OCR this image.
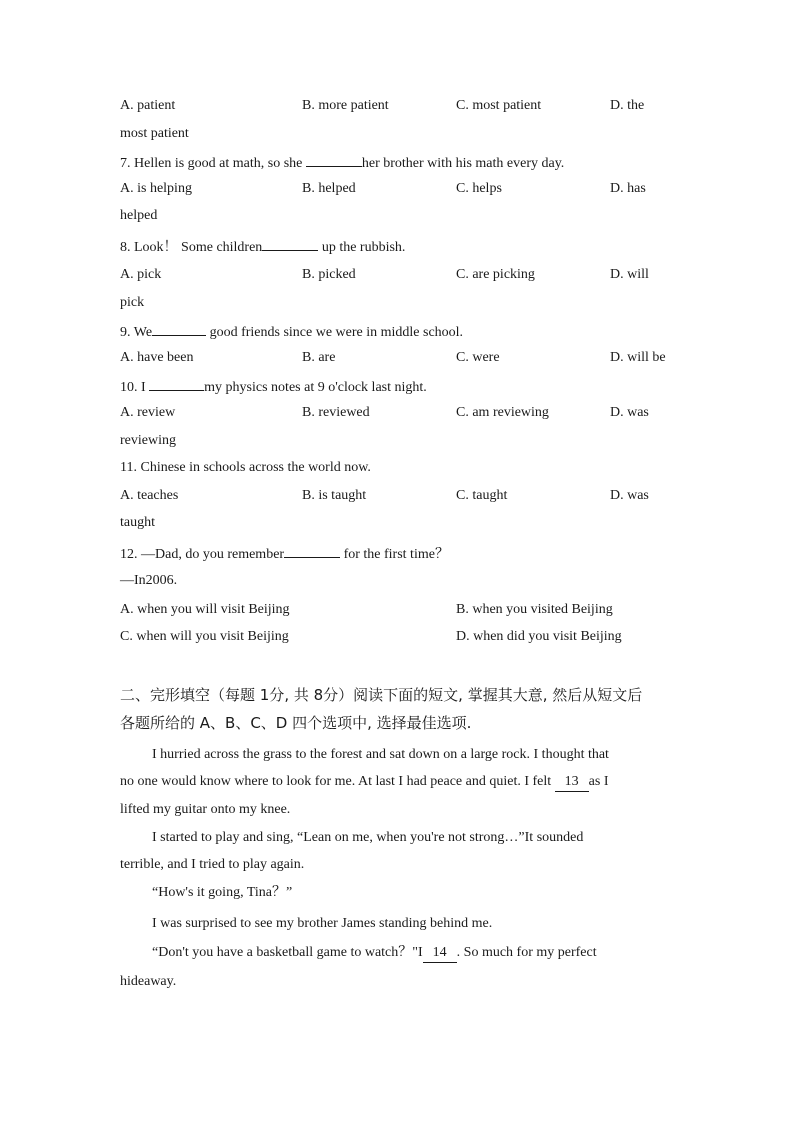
A. patient	B. more patient	C. most patient	D. the
most patient
7. Hellen is good at math, so she	her brother with his math every day.
A. is helping	B. helped	C. helps	D. has
helped
8. Look！ Some children	up the rubbish.
A. pick	B. picked	C. are picking	D. will
pick
9. We	good friends since we were in middle school.
A. have been	B. are	C. were	D. will be
10. I	my physics notes at 9 o'clock last night.
A. review	B. reviewed	C. am reviewing	D. was
reviewing
11. Chinese in schools across the world now.
A. teaches	B. is taught	C. taught	D. was
taught
12. —Dad, do you remember	for the first time？
—In2006.
A. when you will visit Beijing	B. when you visited Beijing
C. when will you visit Beijing	D. when did you visit Beijing
二、完形填空（每题 1分, 共 8分）阅读下面的短文, 掌握其大意, 然后从短文后
各题所给的 A、B、C、D 四个选项中, 选择最佳选项.
I hurried across the grass to the forest and sat down on a large rock. I thought that
no one would know where to look for me. At last I had peace and quiet. I felt 13 as I
lifted my guitar onto my knee.
I started to play and sing, “Lean on me, when you're not strong…”It sounded
terrible, and I tried to play again.
“How's it going, Tina？”
I was surprised to see my brother James standing behind me.
“Don't you have a basketball game to watch？"I 14 . So much for my perfect
hideaway.
